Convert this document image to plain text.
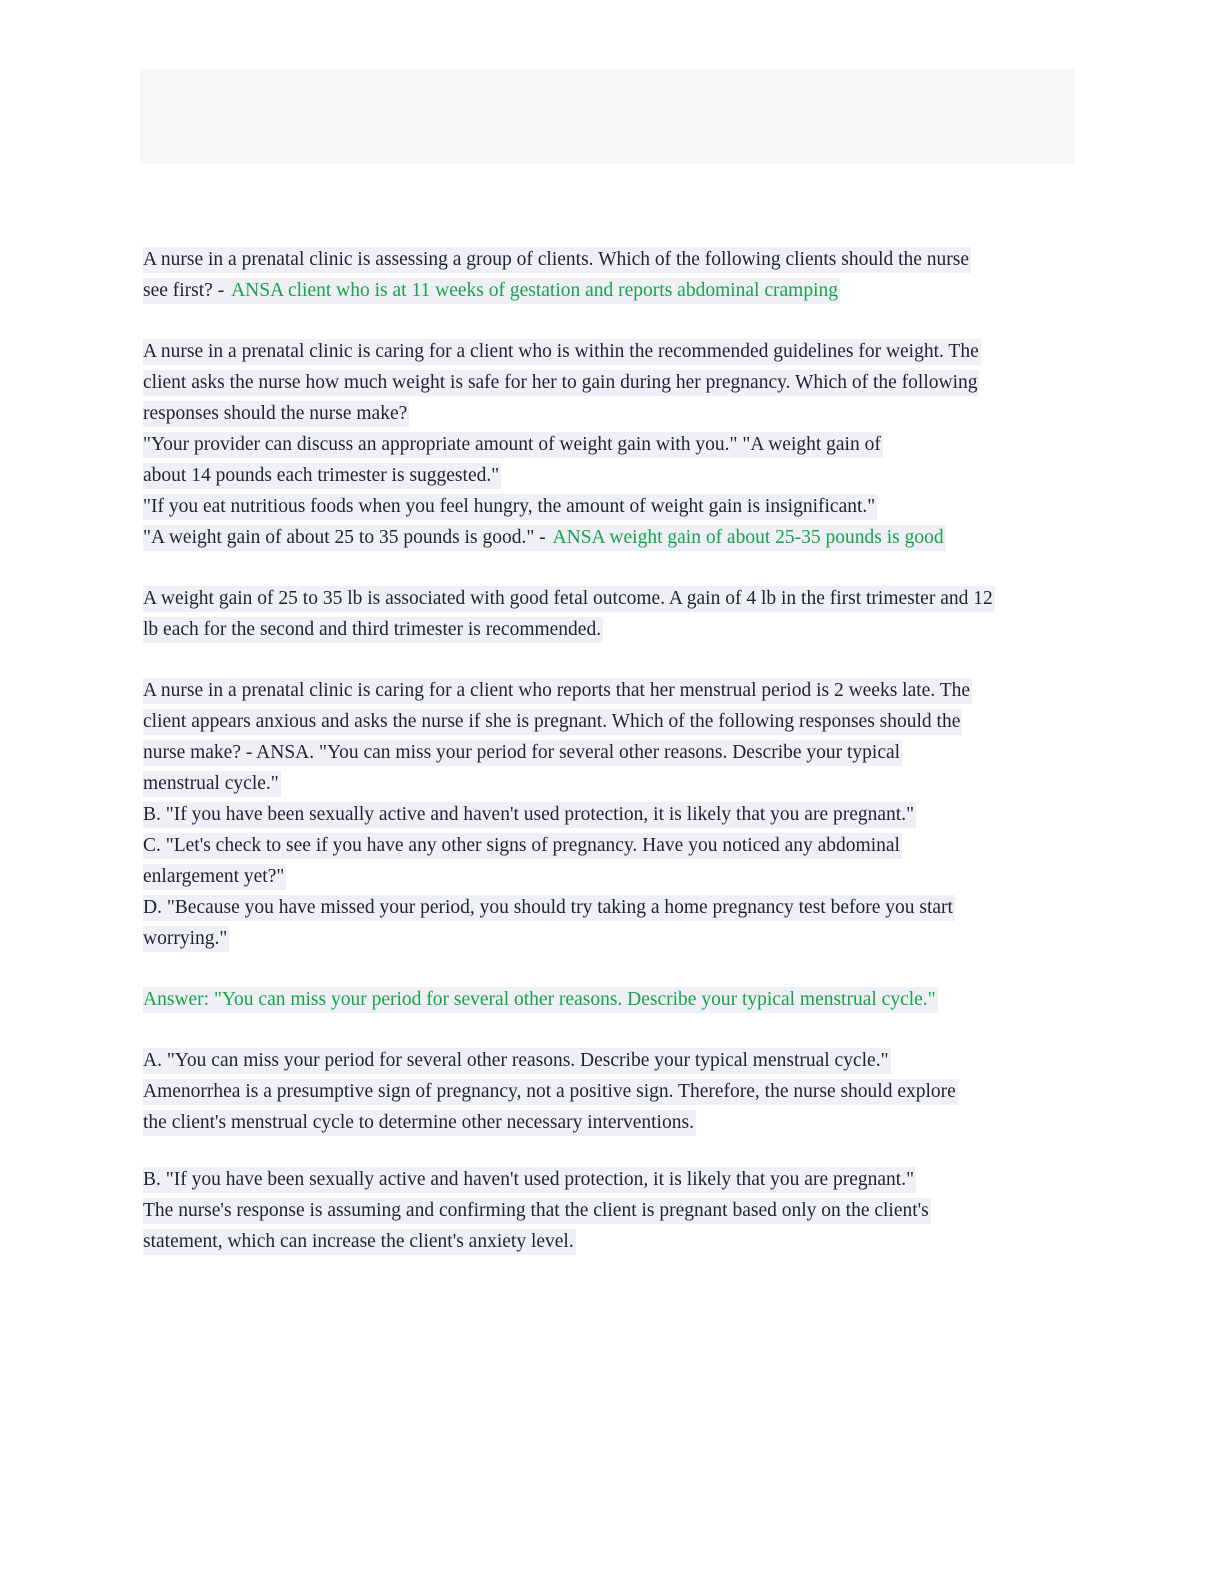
A nurse in a prenatal clinic is assessing a group of clients. Which of the following clients should the nurse
see first? - ANSA client who is at 11 weeks of gestation and reports abdominal cramping
A nurse in a prenatal clinic is caring for a client who is within the recommended guidelines for weight. The
client asks the nurse how much weight is safe for her to gain during her pregnancy. Which of the following
responses should the nurse make?
"Your provider can discuss an appropriate amount of weight gain with you." "A weight gain of
about 14 pounds each trimester is suggested."
"If you eat nutritious foods when you feel hungry, the amount of weight gain is insignificant."
"A weight gain of about 25 to 35 pounds is good." - ANSA weight gain of about 25-35 pounds is good
A weight gain of 25 to 35 lb is associated with good fetal outcome. A gain of 4 lb in the first trimester and 12
lb each for the second and third trimester is recommended.
A nurse in a prenatal clinic is caring for a client who reports that her menstrual period is 2 weeks late. The
client appears anxious and asks the nurse if she is pregnant. Which of the following responses should the
nurse make? - ANSA. "You can miss your period for several other reasons. Describe your typical
menstrual cycle."
B. "If you have been sexually active and haven't used protection, it is likely that you are pregnant."
C. "Let's check to see if you have any other signs of pregnancy. Have you noticed any abdominal
enlargement yet?"
D. "Because you have missed your period, you should try taking a home pregnancy test before you start
worrying."
Answer: "You can miss your period for several other reasons. Describe your typical menstrual cycle."
A. "You can miss your period for several other reasons. Describe your typical menstrual cycle."
Amenorrhea is a presumptive sign of pregnancy, not a positive sign. Therefore, the nurse should explore
the client's menstrual cycle to determine other necessary interventions.
B. "If you have been sexually active and haven't used protection, it is likely that you are pregnant."
The nurse's response is assuming and confirming that the client is pregnant based only on the client's
statement, which can increase the client's anxiety level.
